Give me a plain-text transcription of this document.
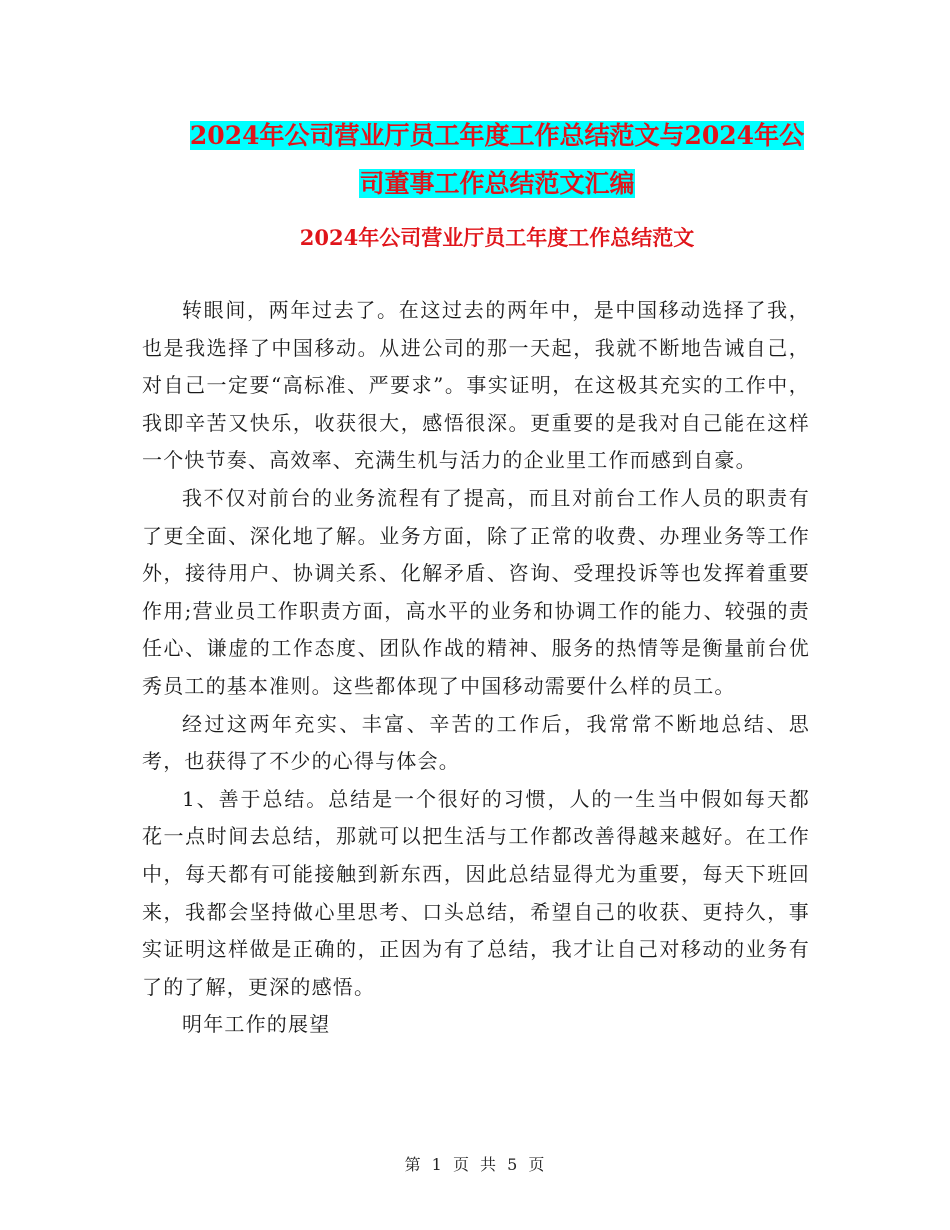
2024年公司营业厅员工年度工作总结范文与2024年公
司董事工作总结范文汇编
2024年公司营业厅员工年度工作总结范文

转眼间，两年过去了。在这过去的两年中，是中国移动选择了我，也是我选择了中国移动。从进公司的那一天起，我就不断地告诫自己，对自己一定要“高标准、严要求”。事实证明，在这极其充实的工作中，我即辛苦又快乐，收获很大，感悟很深。更重要的是我对自己能在这样一个快节奏、高效率、充满生机与活力的企业里工作而感到自豪。

我不仅对前台的业务流程有了提高，而且对前台工作人员的职责有了更全面、深化地了解。业务方面，除了正常的收费、办理业务等工作外，接待用户、协调关系、化解矛盾、咨询、受理投诉等也发挥着重要作用;营业员工作职责方面，高水平的业务和协调工作的能力、较强的责任心、谦虚的工作态度、团队作战的精神、服务的热情等是衡量前台优秀员工的基本准则。这些都体现了中国移动需要什么样的员工。

经过这两年充实、丰富、辛苦的工作后，我常常不断地总结、思考，也获得了不少的心得与体会。

1、善于总结。总结是一个很好的习惯，人的一生当中假如每天都花一点时间去总结，那就可以把生活与工作都改善得越来越好。在工作中，每天都有可能接触到新东西，因此总结显得尤为重要，每天下班回来，我都会坚持做心里思考、口头总结，希望自己的收获、更持久，事实证明这样做是正确的，正因为有了总结，我才让自己对移动的业务有了的了解，更深的感悟。

明年工作的展望

第 1 页 共 5 页
